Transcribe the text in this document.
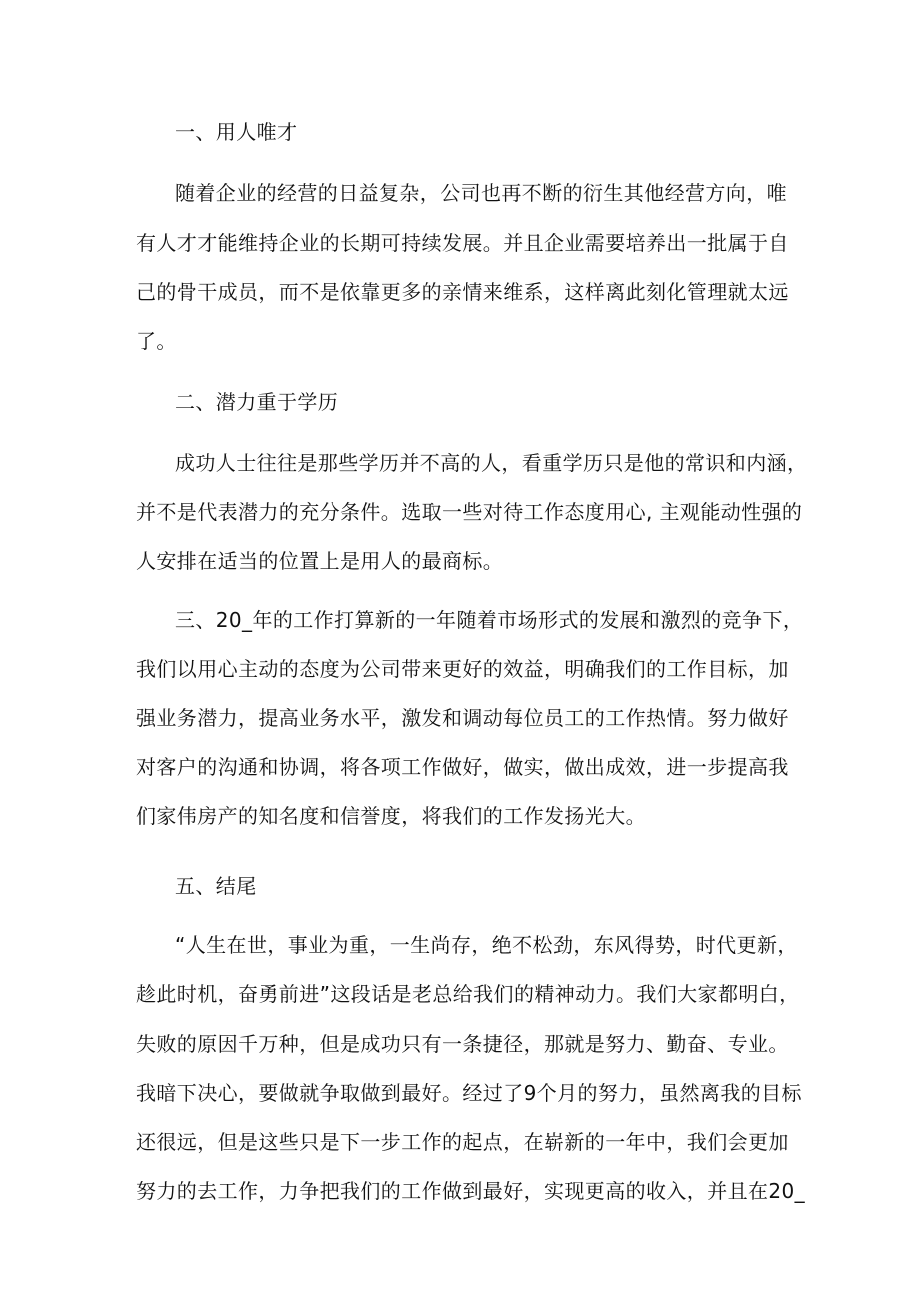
一、用人唯才

随着企业的经营的日益复杂，公司也再不断的衍生其他经营方向，唯

有人才才能维持企业的长期可持续发展。并且企业需要培养出一批属于自

己的骨干成员，而不是依靠更多的亲情来维系，这样离此刻化管理就太远

了。

二、潜力重于学历

成功人士往往是那些学历并不高的人，看重学历只是他的常识和内涵，

并不是代表潜力的充分条件。选取一些对待工作态度用心, 主观能动性强的

人安排在适当的位置上是用人的最商标。

三、20_年的工作打算新的一年随着市场形式的发展和激烈的竞争下，

我们以用心主动的态度为公司带来更好的效益，明确我们的工作目标，加

强业务潜力，提高业务水平，激发和调动每位员工的工作热情。努力做好

对客户的沟通和协调，将各项工作做好，做实，做出成效，进一步提高我

们家伟房产的知名度和信誉度，将我们的工作发扬光大。

五、结尾

“人生在世，事业为重，一生尚存，绝不松劲，东风得势，时代更新，

趁此时机，奋勇前进”这段话是老总给我们的精神动力。我们大家都明白，

失败的原因千万种，但是成功只有一条捷径，那就是努力、勤奋、专业。

我暗下决心，要做就争取做到最好。经过了9个月的努力，虽然离我的目标

还很远，但是这些只是下一步工作的起点，在崭新的一年中，我们会更加

努力的去工作，力争把我们的工作做到最好，实现更高的收入，并且在20_
